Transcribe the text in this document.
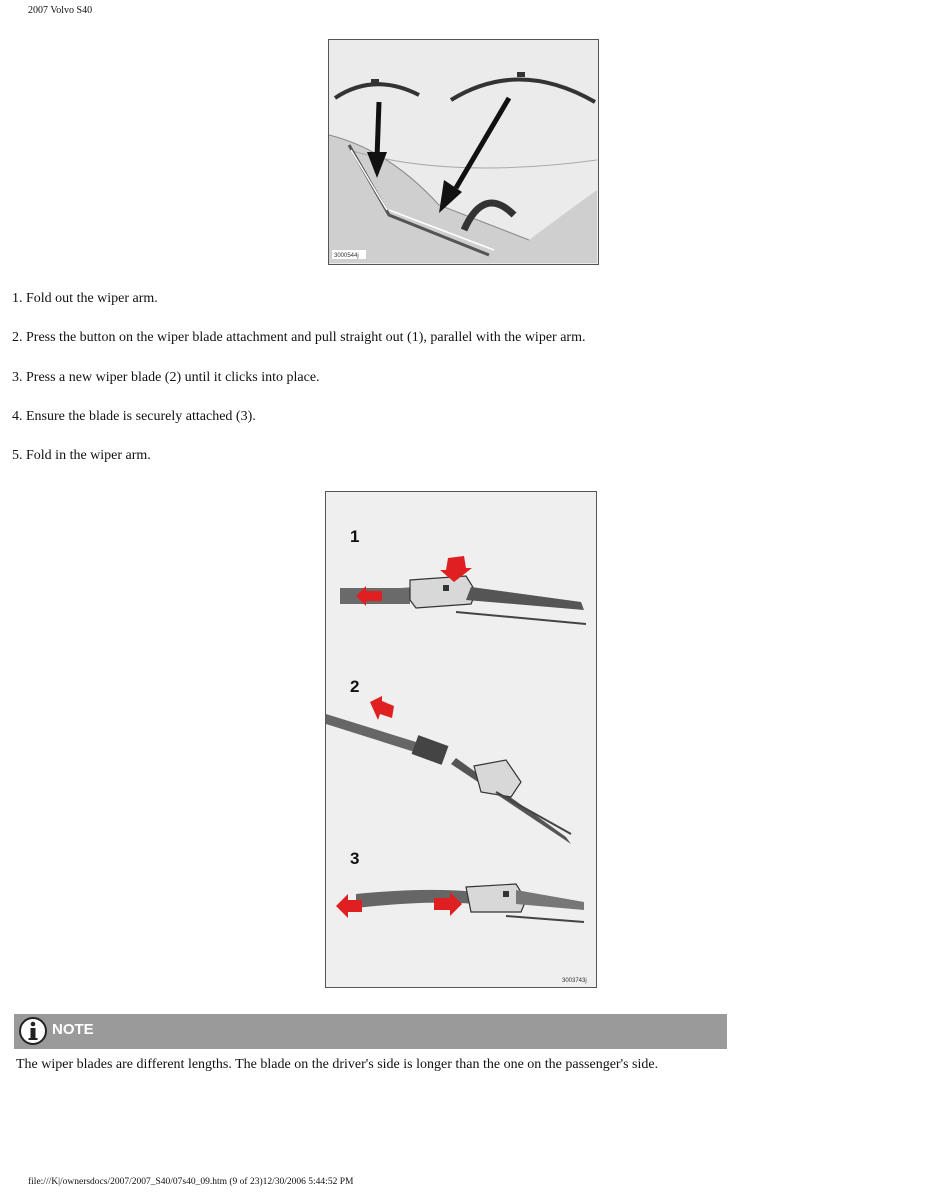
2007 Volvo S40
3000544j
1. Fold out the wiper arm.
2. Press the button on the wiper blade attachment and pull straight out (1), parallel with the wiper arm.
3. Press a new wiper blade (2) until it clicks into place.
4. Ensure the blade is securely attached (3).
5. Fold in the wiper arm.
1
2
3
3003743j
NOTE
The wiper blades are different lengths. The blade on the driver's side is longer than the one on the passenger's side.
file:///K|/ownersdocs/2007/2007_S40/07s40_09.htm (9 of 23)12/30/2006 5:44:52 PM
